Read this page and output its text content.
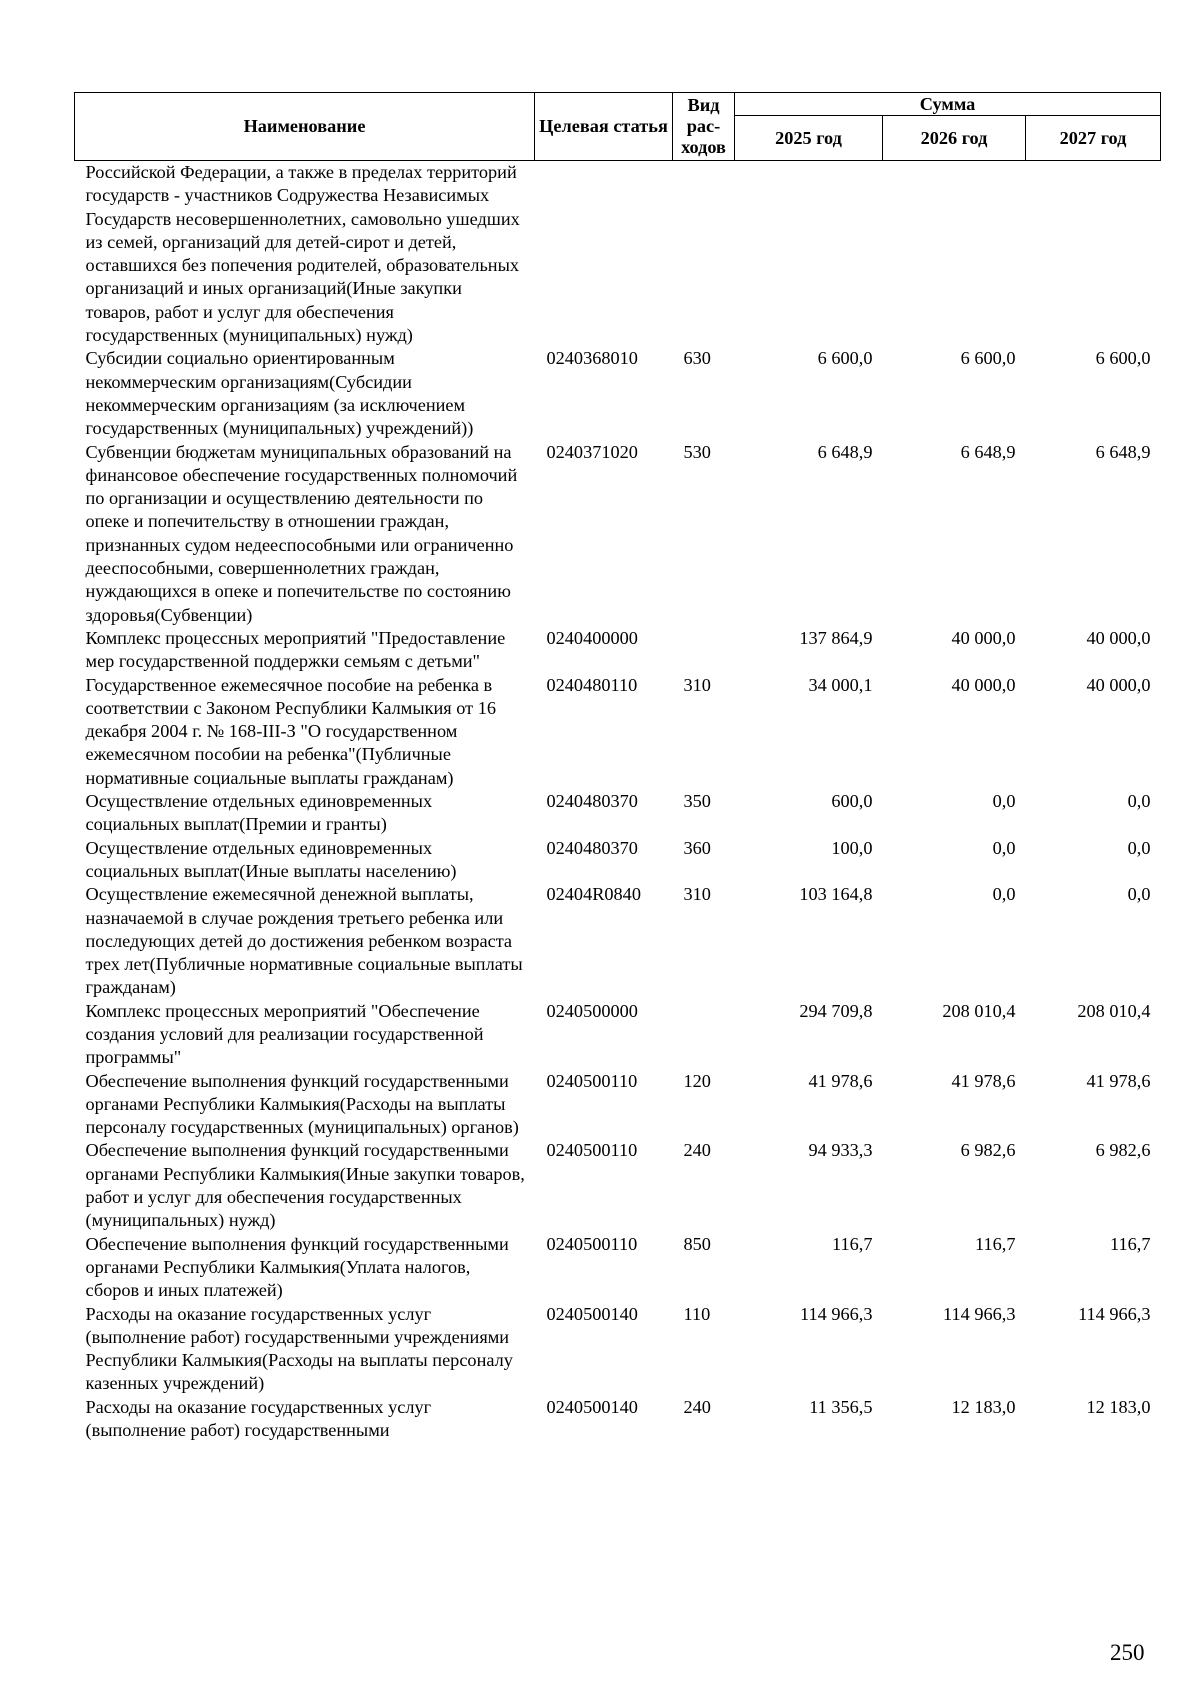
Наименование	Целевая статья	Вид рас-ходов	Сумма		
			2025 год	2026 год	2027 год
Российской Федерации, а также в пределах территорий государств - участников Содружества Независимых Государств несовершеннолетних, самовольно ушедших из семей, организаций для детей-сирот и детей, оставшихся без попечения родителей, образовательных организаций и иных организаций(Иные закупки товаров, работ и услуг для обеспечения государственных (муниципальных) нужд)					
Субсидии социально ориентированным некоммерческим организациям(Субсидии некоммерческим организациям (за исключением государственных (муниципальных) учреждений))	0240368010	630	6 600,0	6 600,0	6 600,0
Субвенции бюджетам муниципальных образований на финансовое обеспечение государственных полномочий по организации и осуществлению деятельности по опеке и попечительству в отношении граждан, признанных судом недееспособными или ограниченно дееспособными, совершеннолетних граждан, нуждающихся в опеке и попечительстве по состоянию здоровья(Субвенции)	0240371020	530	6 648,9	6 648,9	6 648,9
Комплекс процессных мероприятий "Предоставление мер государственной поддержки семьям с детьми"	0240400000		137 864,9	40 000,0	40 000,0
Государственное ежемесячное пособие на ребенка в соответствии с Законом Республики Калмыкия от 16 декабря 2004 г. № 168-III-З "О государственном ежемесячном пособии на ребенка"(Публичные нормативные социальные выплаты гражданам)	0240480110	310	34 000,1	40 000,0	40 000,0
Осуществление отдельных единовременных социальных выплат(Премии и гранты)	0240480370	350	600,0	0,0	0,0
Осуществление отдельных единовременных социальных выплат(Иные выплаты населению)	0240480370	360	100,0	0,0	0,0
Осуществление ежемесячной денежной выплаты, назначаемой в случае рождения третьего ребенка или последующих детей до достижения ребенком возраста трех лет(Публичные нормативные социальные выплаты гражданам)	02404R0840	310	103 164,8	0,0	0,0
Комплекс процессных мероприятий "Обеспечение создания условий для реализации государственной программы"	0240500000		294 709,8	208 010,4	208 010,4
Обеспечение выполнения функций государственными органами Республики Калмыкия(Расходы на выплаты персоналу государственных (муниципальных) органов)	0240500110	120	41 978,6	41 978,6	41 978,6
Обеспечение выполнения функций государственными органами Республики Калмыкия(Иные закупки товаров, работ и услуг для обеспечения государственных (муниципальных) нужд)	0240500110	240	94 933,3	6 982,6	6 982,6
Обеспечение выполнения функций государственными органами Республики Калмыкия(Уплата налогов, сборов и иных платежей)	0240500110	850	116,7	116,7	116,7
Расходы на оказание государственных услуг (выполнение работ) государственными учреждениями Республики Калмыкия(Расходы на выплаты персоналу казенных учреждений)	0240500140	110	114 966,3	114 966,3	114 966,3
Расходы на оказание государственных услуг (выполнение работ) государственными	0240500140	240	11 356,5	12 183,0	12 183,0
250
